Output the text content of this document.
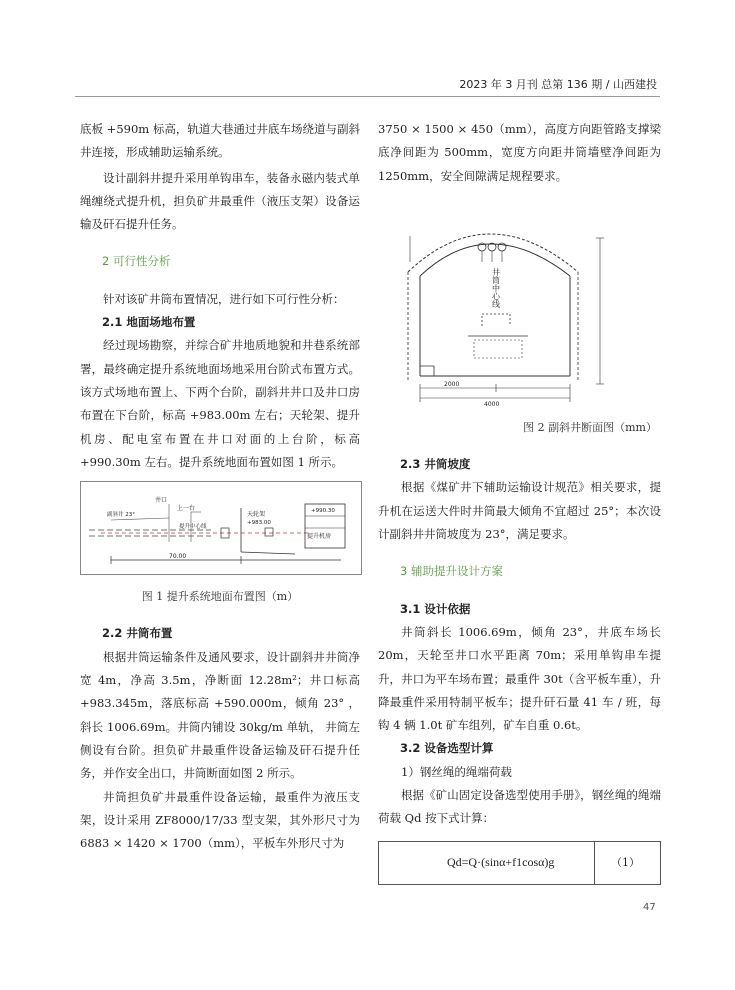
2023 年 3 月刊 总第 136 期 / 山西建投

底板 +590m 标高，轨道大巷通过井底车场绕道与副斜井连接，形成辅助运输系统。

设计副斜井提升采用单钩串车，装备永磁内装式单绳缠绕式提升机，担负矿井最重件（液压支架）设备运输及矸石提升任务。

2 可行性分析

针对该矿井筒布置情况，进行如下可行性分析：

2.1 地面场地布置

经过现场勘察，并综合矿井地质地貌和井巷系统部署，最终确定提升系统地面场地采用台阶式布置方式。该方式场地布置上、下两个台阶，副斜井井口及井口房布置在下台阶，标高 +983.00m 左右；天轮架、提升机房、配电室布置在井口对面的上台阶，标高 +990.30m 左右。提升系统地面布置如图 1 所示。

井口
上一台
副斜井 23°
提升中心线
天轮架
+983.00
+990.30
提升机房
70.00
图 1 提升系统地面布置图（m）
2.2 井筒布置

根据井筒运输条件及通风要求，设计副斜井井筒净宽 4m，净高 3.5m，净断面 12.28m²；井口标高 +983.345m，落底标高 +590.000m，倾角 23° ，斜长 1006.69m。井筒内铺设 30kg/m 单轨， 井筒左侧设有台阶。担负矿井最重件设备运输及矸石提升任务，并作安全出口，井筒断面如图 2 所示。

井筒担负矿井最重件设备运输，最重件为液压支架，设计采用 ZF8000/17/33 型支架，其外形尺寸为 6883 × 1420 × 1700（mm），平板车外形尺寸为

3750 × 1500 × 450（mm），高度方向距管路支撑梁底净间距为 500mm，宽度方向距井筒墙壁净间距为 1250mm，安全间隙满足规程要求。

井筒中心线
2000
4000
图 2 副斜井断面图（mm）
2.3 井筒坡度

根据《煤矿井下辅助运输设计规范》相关要求，提升机在运送大件时井筒最大倾角不宜超过 25°；本次设计副斜井井筒坡度为 23°，满足要求。

3 辅助提升设计方案
3.1 设计依据

井筒斜长 1006.69m，倾角 23°，井底车场长 20m，天轮至井口水平距离 70m；采用单钩串车提升，井口为平车场布置；最重件 30t（含平板车重），升降最重件采用特制平板车；提升矸石量 41 车 / 班，每钩 4 辆 1.0t 矿车组列，矿车自重 0.6t。

3.2 设备选型计算

1）钢丝绳的绳端荷载

根据《矿山固定设备选型使用手册》，钢丝绳的绳端荷载 Qd 按下式计算：

Qd=Q·(sinα+f1cosα)g	（1）
47
